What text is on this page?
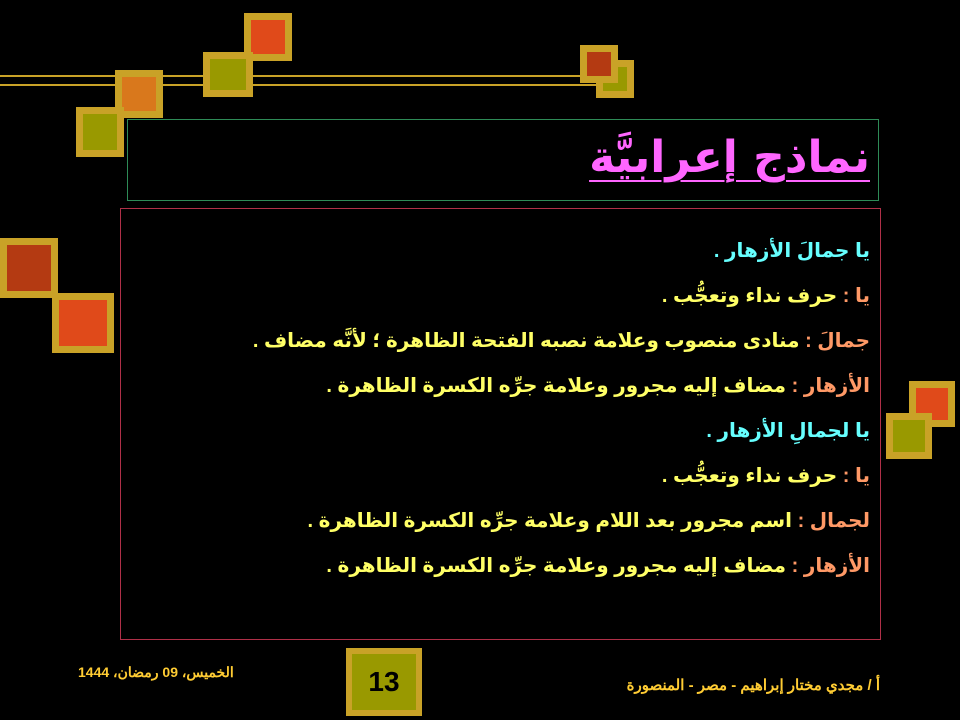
نماذج إعرابيَّة
يا جمالَ الأزهار .
يا : حرف نداء وتعجُّب .
جمالَ : منادى منصوب وعلامة نصبه الفتحة الظاهرة ؛ لأنَّه مضاف .
الأزهار : مضاف إليه مجرور وعلامة جرِّه الكسرة الظاهرة .
يا لجمالِ الأزهار .
يا : حرف نداء وتعجُّب .
لجمال : اسم مجرور بعد اللام وعلامة جرِّه الكسرة الظاهرة .
الأزهار : مضاف إليه مجرور وعلامة جرِّه الكسرة الظاهرة .
13
الخميس، 09 رمضان، 1444
أ / مجدي مختار إبراهيم - مصر - المنصورة
